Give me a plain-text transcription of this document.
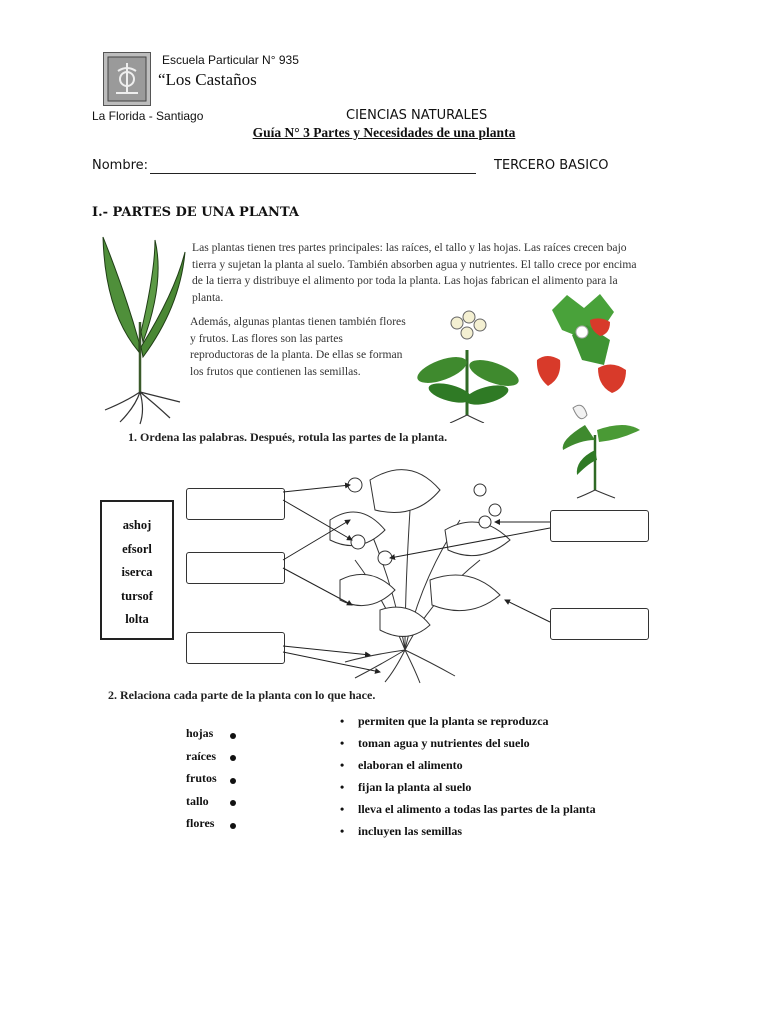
Escuela Particular N° 935
“Los Castaños
La Florida - Santiago	CIENCIAS NATURALES
Guía N° 3 Partes y Necesidades de una planta
Nombre:	TERCERO BASICO
I.- PARTES DE UNA PLANTA
Las plantas tienen tres partes principales: las raíces, el tallo y las hojas. Las raíces crecen bajo tierra y sujetan la planta al suelo. También absorben agua y nutrientes. El tallo crece por encima de la tierra y distribuye el alimento por toda la planta. Las hojas fabrican el alimento para la planta.
Además, algunas plantas tienen también flores y frutos. Las flores son las partes reproductoras de la planta. De ellas se forman los frutos que contienen las semillas.
1. Ordena las palabras. Después, rotula las partes de la planta.
ashoj
efsorl
iserca
tursof
lolta
2. Relaciona cada parte de la planta con lo que hace.
hojas
raíces
frutos
tallo
flores
• permiten que la planta se reproduzca
• toman agua y nutrientes del suelo
• elaboran el alimento
• fijan la planta al suelo
• lleva el alimento a todas las partes de la planta
• incluyen las semillas
